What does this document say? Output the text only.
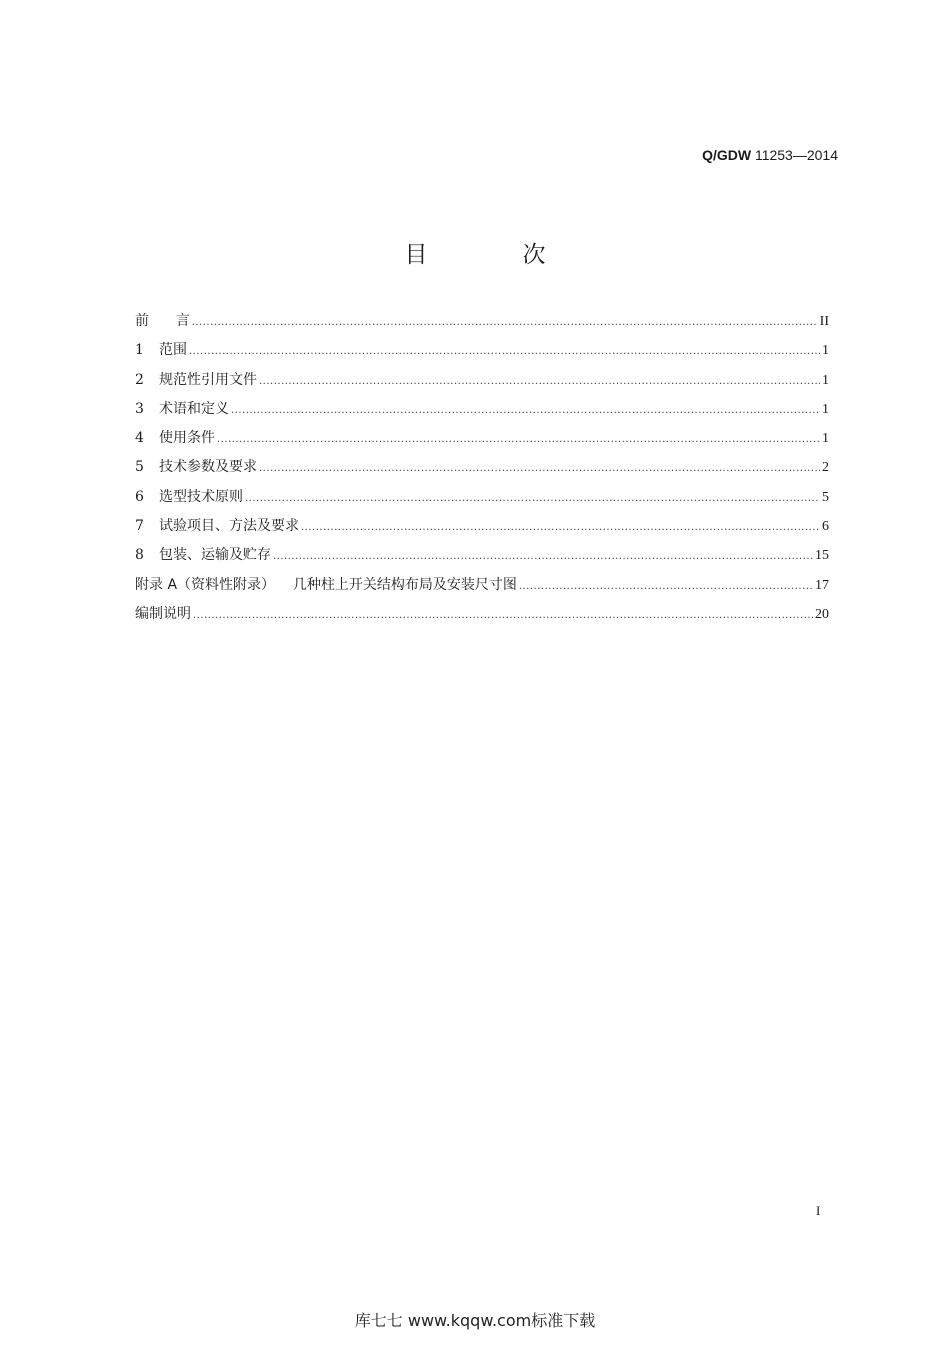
Q/GDW 11253—2014
目	次
前      言 .....	II
1	范围 .....	1
2	规范性引用文件 .....	1
3	术语和定义 .....	1
4	使用条件 .....	1
5	技术参数及要求 .....	2
6	选型技术原则 .....	5
7	试验项目、方法及要求 .....	6
8	包装、运输及贮存 .....	15
附录 A（资料性附录）    几种柱上开关结构布局及安装尺寸图 .....	17
编制说明 .....	20
I
库七七 www.kqqw.com标准下载
